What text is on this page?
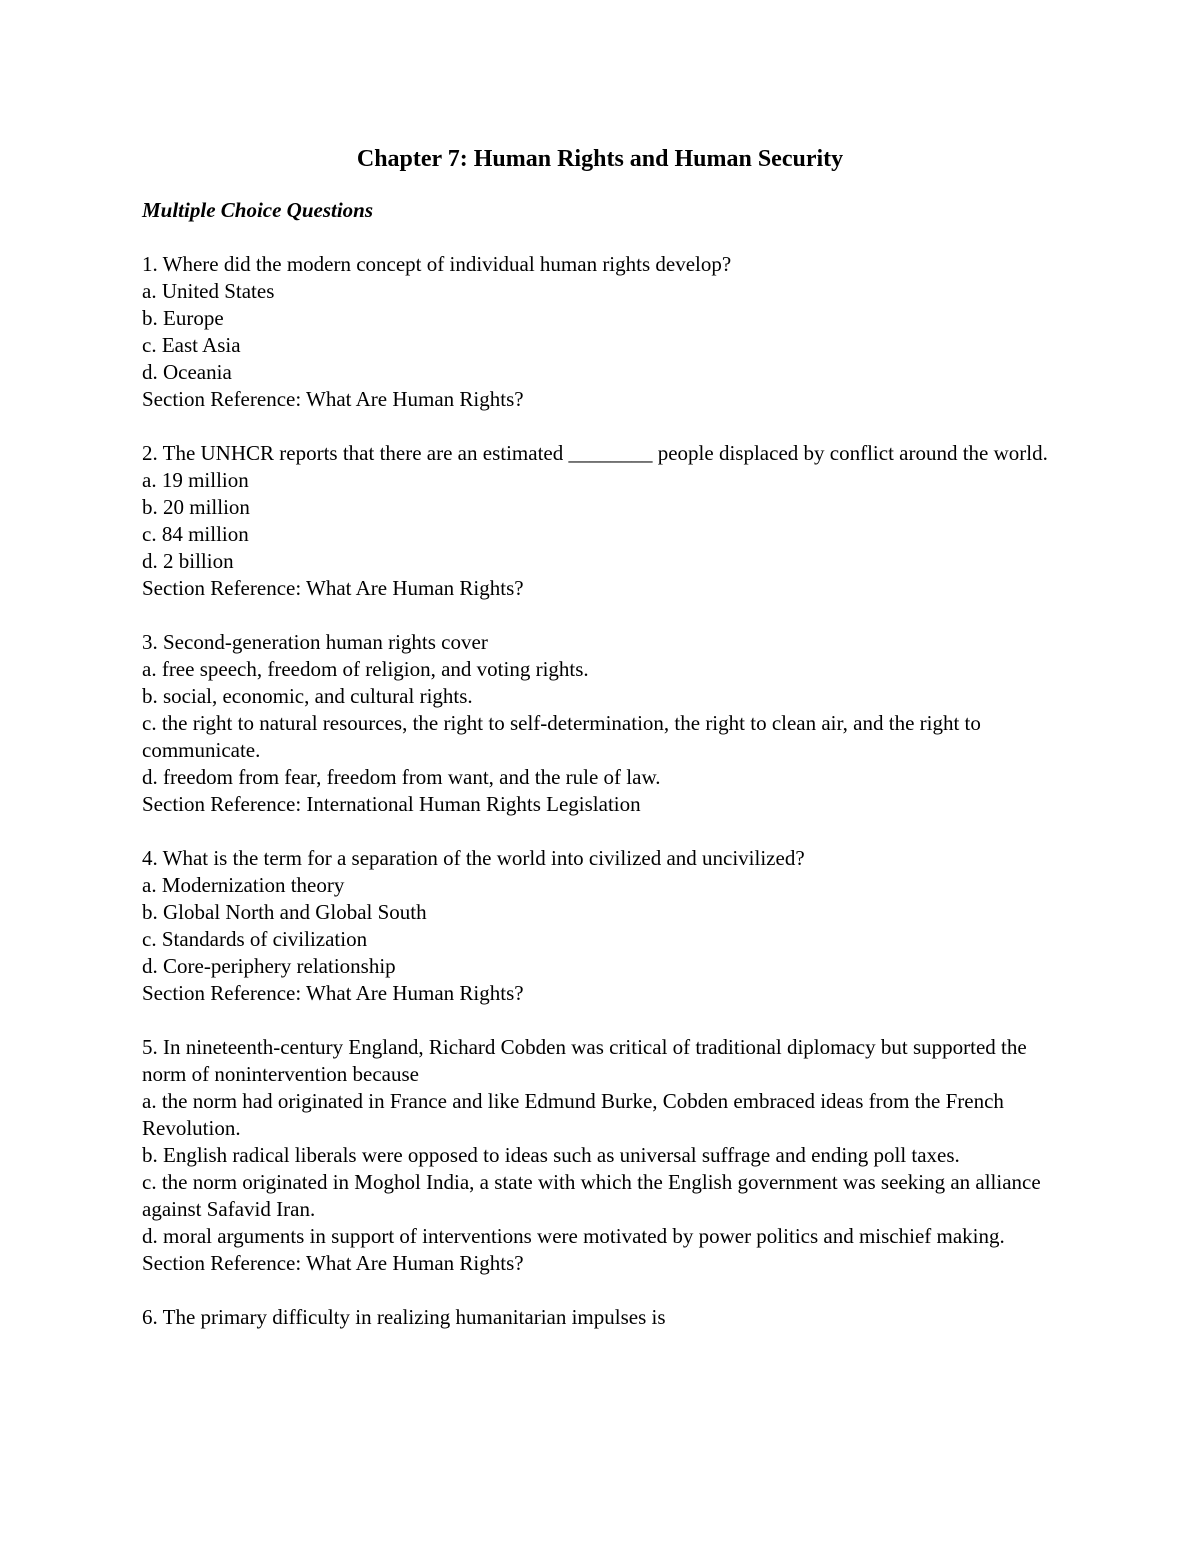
Chapter 7: Human Rights and Human Security
Multiple Choice Questions
1. Where did the modern concept of individual human rights develop?
a. United States
b. Europe
c. East Asia
d. Oceania
Section Reference: What Are Human Rights?
2. The UNHCR reports that there are an estimated ________ people displaced by conflict around the world.
a. 19 million
b. 20 million
c. 84 million
d. 2 billion
Section Reference: What Are Human Rights?
3. Second-generation human rights cover
a. free speech, freedom of religion, and voting rights.
b. social, economic, and cultural rights.
c. the right to natural resources, the right to self-determination, the right to clean air, and the right to communicate.
d. freedom from fear, freedom from want, and the rule of law.
Section Reference: International Human Rights Legislation
4. What is the term for a separation of the world into civilized and uncivilized?
a. Modernization theory
b. Global North and Global South
c. Standards of civilization
d. Core-periphery relationship
Section Reference: What Are Human Rights?
5. In nineteenth-century England, Richard Cobden was critical of traditional diplomacy but supported the norm of nonintervention because
a. the norm had originated in France and like Edmund Burke, Cobden embraced ideas from the French Revolution.
b. English radical liberals were opposed to ideas such as universal suffrage and ending poll taxes.
c. the norm originated in Moghol India, a state with which the English government was seeking an alliance against Safavid Iran.
d. moral arguments in support of interventions were motivated by power politics and mischief making.
Section Reference: What Are Human Rights?
6. The primary difficulty in realizing humanitarian impulses is
